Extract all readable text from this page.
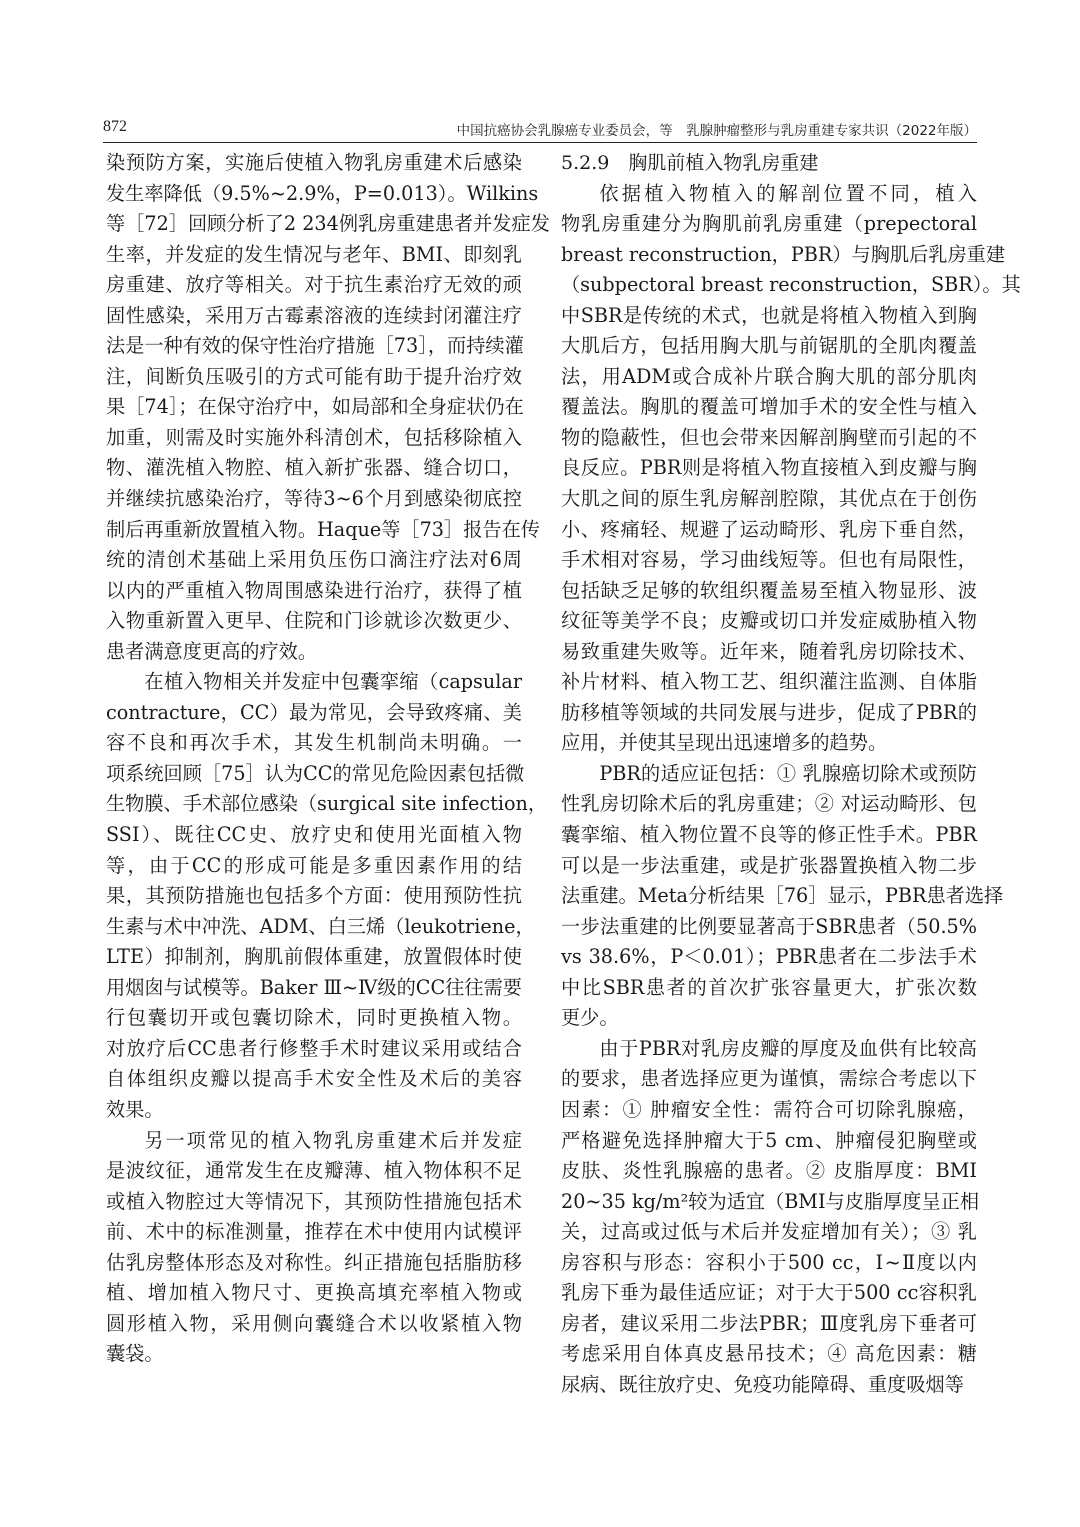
872	中国抗癌协会乳腺癌专业委员会，等　乳腺肿瘤整形与乳房重建专家共识（2022年版）
染预防方案，实施后使植入物乳房重建术后感染
发生率降低（9.5%~2.9%，P=0.013）。Wilkins
等［72］回顾分析了2 234例乳房重建患者并发症发
生率，并发症的发生情况与老年、BMI、即刻乳
房重建、放疗等相关。对于抗生素治疗无效的顽
固性感染，采用万古霉素溶液的连续封闭灌注疗
法是一种有效的保守性治疗措施［73］，而持续灌
注，间断负压吸引的方式可能有助于提升治疗效
果［74］；在保守治疗中，如局部和全身症状仍在
加重，则需及时实施外科清创术，包括移除植入
物、灌洗植入物腔、植入新扩张器、缝合切口，
并继续抗感染治疗，等待3~6个月到感染彻底控
制后再重新放置植入物。Haque等［73］报告在传
统的清创术基础上采用负压伤口滴注疗法对6周
以内的严重植入物周围感染进行治疗，获得了植
入物重新置入更早、住院和门诊就诊次数更少、
患者满意度更高的疗效。
在植入物相关并发症中包囊挛缩（capsular
contracture，CC）最为常见，会导致疼痛、美
容不良和再次手术，其发生机制尚未明确。一
项系统回顾［75］认为CC的常见危险因素包括微
生物膜、手术部位感染（surgical site infection，
SSI）、既往CC史、放疗史和使用光面植入物
等，由于CC的形成可能是多重因素作用的结
果，其预防措施也包括多个方面：使用预防性抗
生素与术中冲洗、ADM、白三烯（leukotriene，
LTE）抑制剂，胸肌前假体重建，放置假体时使
用烟囱与试模等。Baker Ⅲ~Ⅳ级的CC往往需要
行包囊切开或包囊切除术，同时更换植入物。
对放疗后CC患者行修整手术时建议采用或结合
自体组织皮瓣以提高手术安全性及术后的美容
效果。
另一项常见的植入物乳房重建术后并发症
是波纹征，通常发生在皮瓣薄、植入物体积不足
或植入物腔过大等情况下，其预防性措施包括术
前、术中的标准测量，推荐在术中使用内试模评
估乳房整体形态及对称性。纠正措施包括脂肪移
植、增加植入物尺寸、更换高填充率植入物或
圆形植入物，采用侧向囊缝合术以收紧植入物
囊袋。
5.2.9　胸肌前植入物乳房重建
依据植入物植入的解剖位置不同，植入
物乳房重建分为胸肌前乳房重建（prepectoral
breast reconstruction，PBR）与胸肌后乳房重建
（subpectoral breast reconstruction，SBR）。其
中SBR是传统的术式，也就是将植入物植入到胸
大肌后方，包括用胸大肌与前锯肌的全肌肉覆盖
法，用ADM或合成补片联合胸大肌的部分肌肉
覆盖法。胸肌的覆盖可增加手术的安全性与植入
物的隐蔽性，但也会带来因解剖胸壁而引起的不
良反应。PBR则是将植入物直接植入到皮瓣与胸
大肌之间的原生乳房解剖腔隙，其优点在于创伤
小、疼痛轻、规避了运动畸形、乳房下垂自然，
手术相对容易，学习曲线短等。但也有局限性，
包括缺乏足够的软组织覆盖易至植入物显形、波
纹征等美学不良；皮瓣或切口并发症威胁植入物
易致重建失败等。近年来，随着乳房切除技术、
补片材料、植入物工艺、组织灌注监测、自体脂
肪移植等领域的共同发展与进步，促成了PBR的
应用，并使其呈现出迅速增多的趋势。
PBR的适应证包括：① 乳腺癌切除术或预防
性乳房切除术后的乳房重建；② 对运动畸形、包
囊挛缩、植入物位置不良等的修正性手术。PBR
可以是一步法重建，或是扩张器置换植入物二步
法重建。Meta分析结果［76］显示，PBR患者选择
一步法重建的比例要显著高于SBR患者（50.5%
vs 38.6%，P＜0.01）；PBR患者在二步法手术
中比SBR患者的首次扩张容量更大，扩张次数
更少。
由于PBR对乳房皮瓣的厚度及血供有比较高
的要求，患者选择应更为谨慎，需综合考虑以下
因素：① 肿瘤安全性：需符合可切除乳腺癌，
严格避免选择肿瘤大于5 cm、肿瘤侵犯胸壁或
皮肤、炎性乳腺癌的患者。② 皮脂厚度：BMI
20~35 kg/m²较为适宜（BMI与皮脂厚度呈正相
关，过高或过低与术后并发症增加有关）；③ 乳
房容积与形态：容积小于500 cc，Ⅰ~Ⅱ度以内
乳房下垂为最佳适应证；对于大于500 cc容积乳
房者，建议采用二步法PBR；Ⅲ度乳房下垂者可
考虑采用自体真皮悬吊技术；④ 高危因素：糖
尿病、既往放疗史、免疫功能障碍、重度吸烟等
